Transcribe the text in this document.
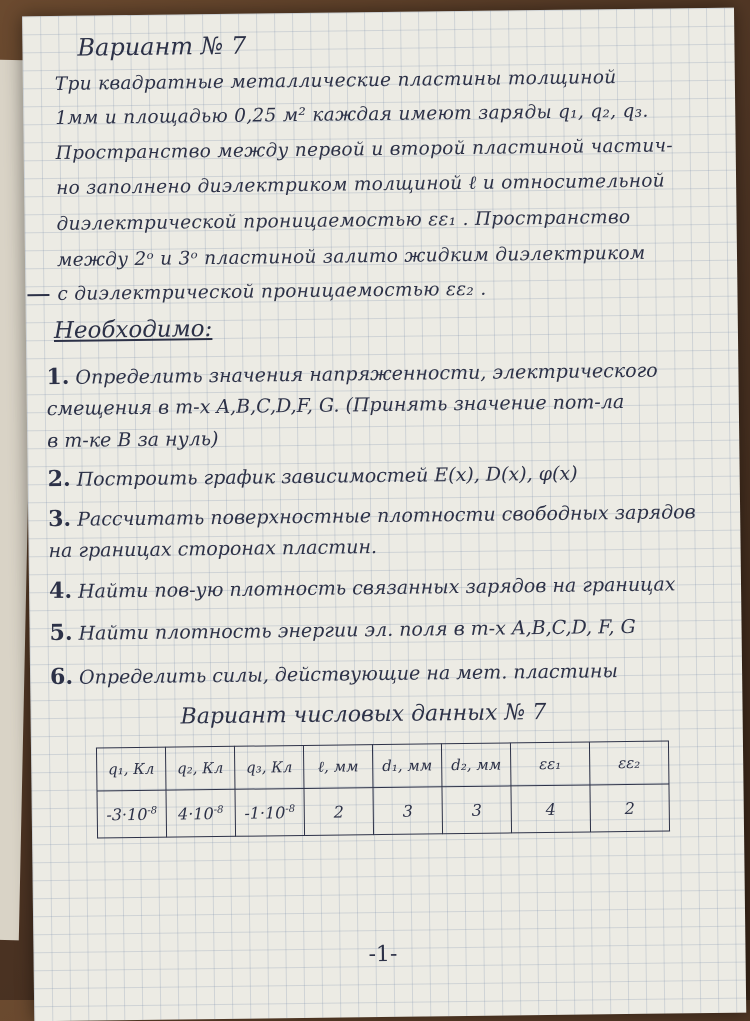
Вариант № 7
Три квадратные металлические пластины толщиной
1мм и площадью 0,25 м² каждая имеют заряды q₁, q₂, q₃.
Пространство между первой и второй пластиной частич-
но заполнено диэлектриком толщиной ℓ и относительной
диэлектрической проницаемостью εε₁ . Пространство
между 2ᵒ и 3ᵒ пластиной залито жидким диэлектриком
с диэлектрической проницаемостью εε₂ .
Необходимо:
1. Определить значения напряженности, электрического
смещения в т-х A,B,C,D,F, G. (Принять значение пот-ла
в т-ке B за нуль)
2. Построить график зависимостей E(x), D(x), φ(x)
3. Рассчитать поверхностные плотности свободных зарядов
на границах сторонах пластин.
4. Найти пов-ую плотность связанных зарядов на границах
5. Найти плотность энергии эл. поля в т-х A,B,C,D, F, G
6. Определить силы, действующие на мет. пластины
Вариант числовых данных № 7
q₁, Кл	q₂, Кл	q₃, Кл	ℓ, мм	d₁, мм	d₂, мм	εε₁	εε₂
$-3\cdot 10^{-8}$	$4\cdot 10^{-8}$	$-1\cdot 10^{-8}$	2	3	3	4	2
-1-
